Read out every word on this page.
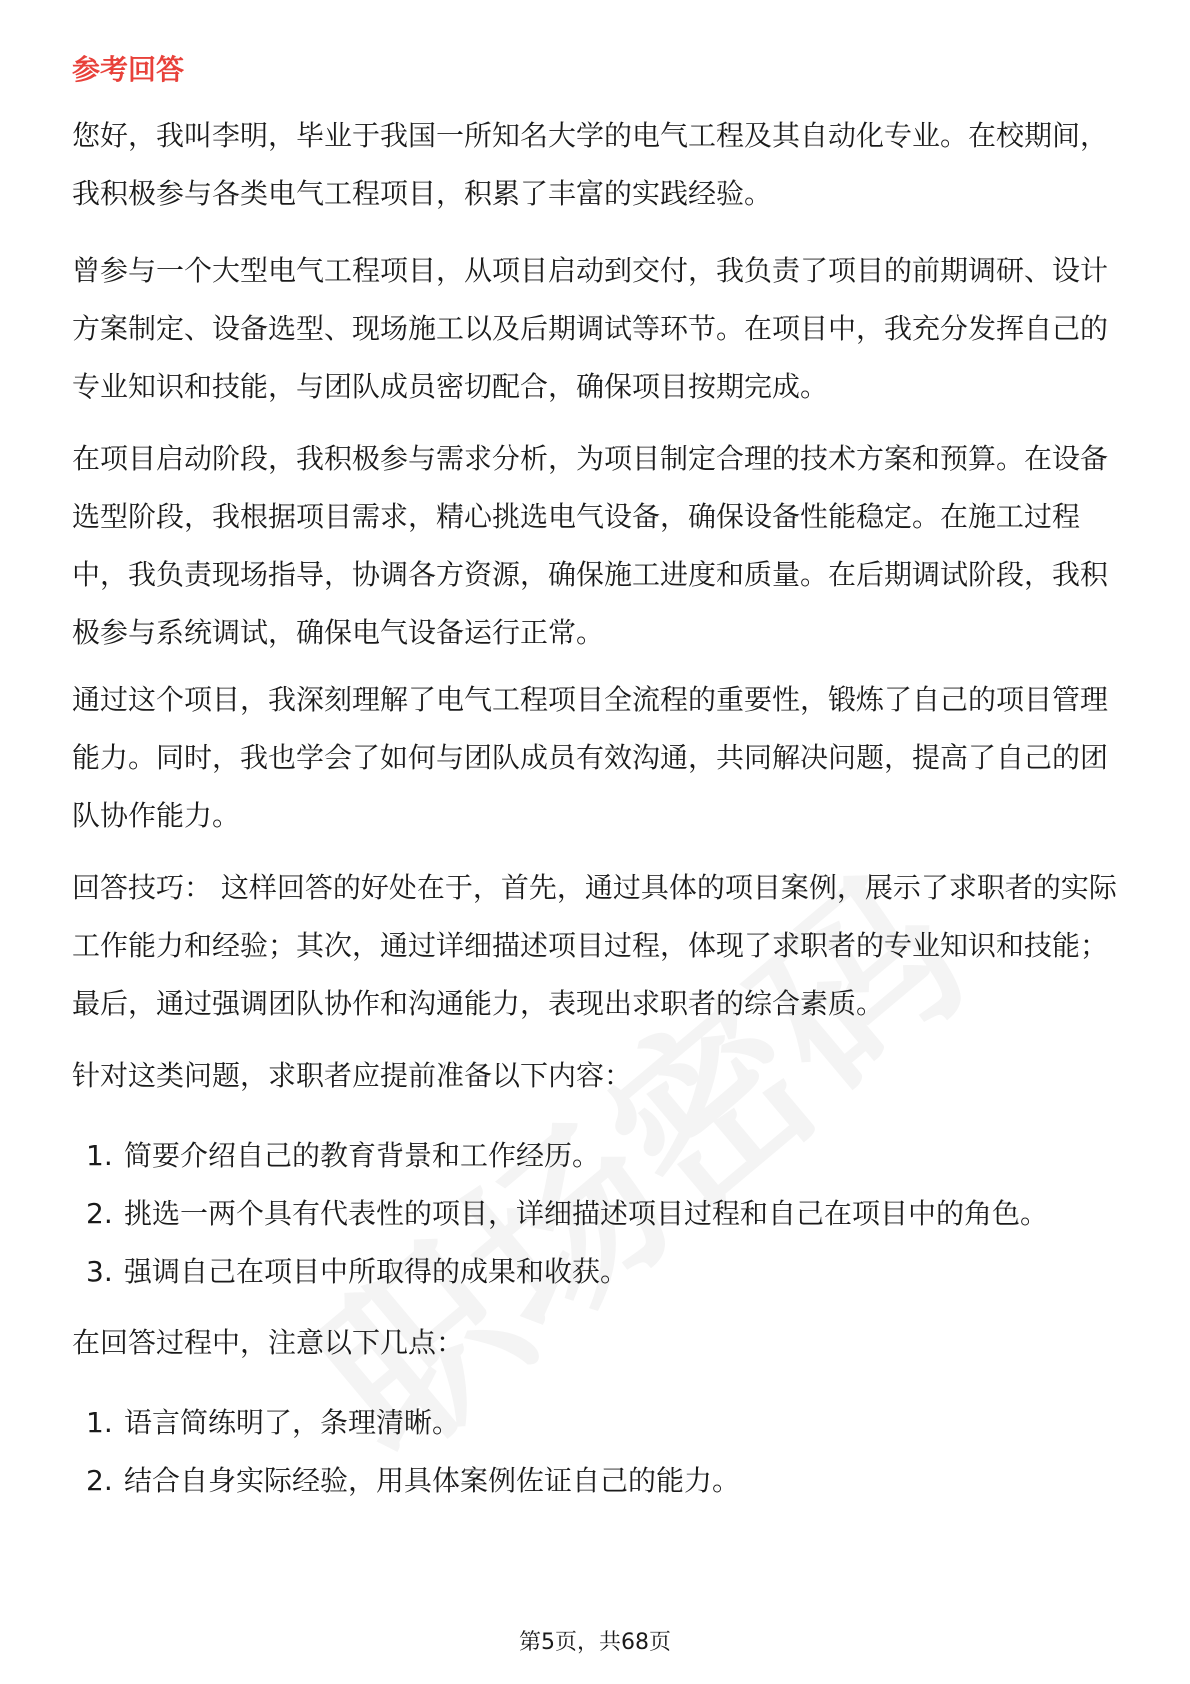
参考回答

您好，我叫李明，毕业于我国一所知名大学的电气工程及其自动化专业。在校期间，我积极参与各类电气工程项目，积累了丰富的实践经验。

曾参与一个大型电气工程项目，从项目启动到交付，我负责了项目的前期调研、设计方案制定、设备选型、现场施工以及后期调试等环节。在项目中，我充分发挥自己的专业知识和技能，与团队成员密切配合，确保项目按期完成。

在项目启动阶段，我积极参与需求分析，为项目制定合理的技术方案和预算。在设备选型阶段，我根据项目需求，精心挑选电气设备，确保设备性能稳定。在施工过程中，我负责现场指导，协调各方资源，确保施工进度和质量。在后期调试阶段，我积极参与系统调试，确保电气设备运行正常。

通过这个项目，我深刻理解了电气工程项目全流程的重要性，锻炼了自己的项目管理能力。同时，我也学会了如何与团队成员有效沟通，共同解决问题，提高了自己的团队协作能力。

回答技巧： 这样回答的好处在于，首先，通过具体的项目案例，展示了求职者的实际工作能力和经验；其次，通过详细描述项目过程，体现了求职者的专业知识和技能；最后，通过强调团队协作和沟通能力，表现出求职者的综合素质。

针对这类问题，求职者应提前准备以下内容：

1. 简要介绍自己的教育背景和工作经历。
2. 挑选一两个具有代表性的项目，详细描述项目过程和自己在项目中的角色。
3. 强调自己在项目中所取得的成果和收获。

在回答过程中，注意以下几点：

1. 语言简练明了，条理清晰。
2. 结合自身实际经验，用具体案例佐证自己的能力。
第5页，共68页
